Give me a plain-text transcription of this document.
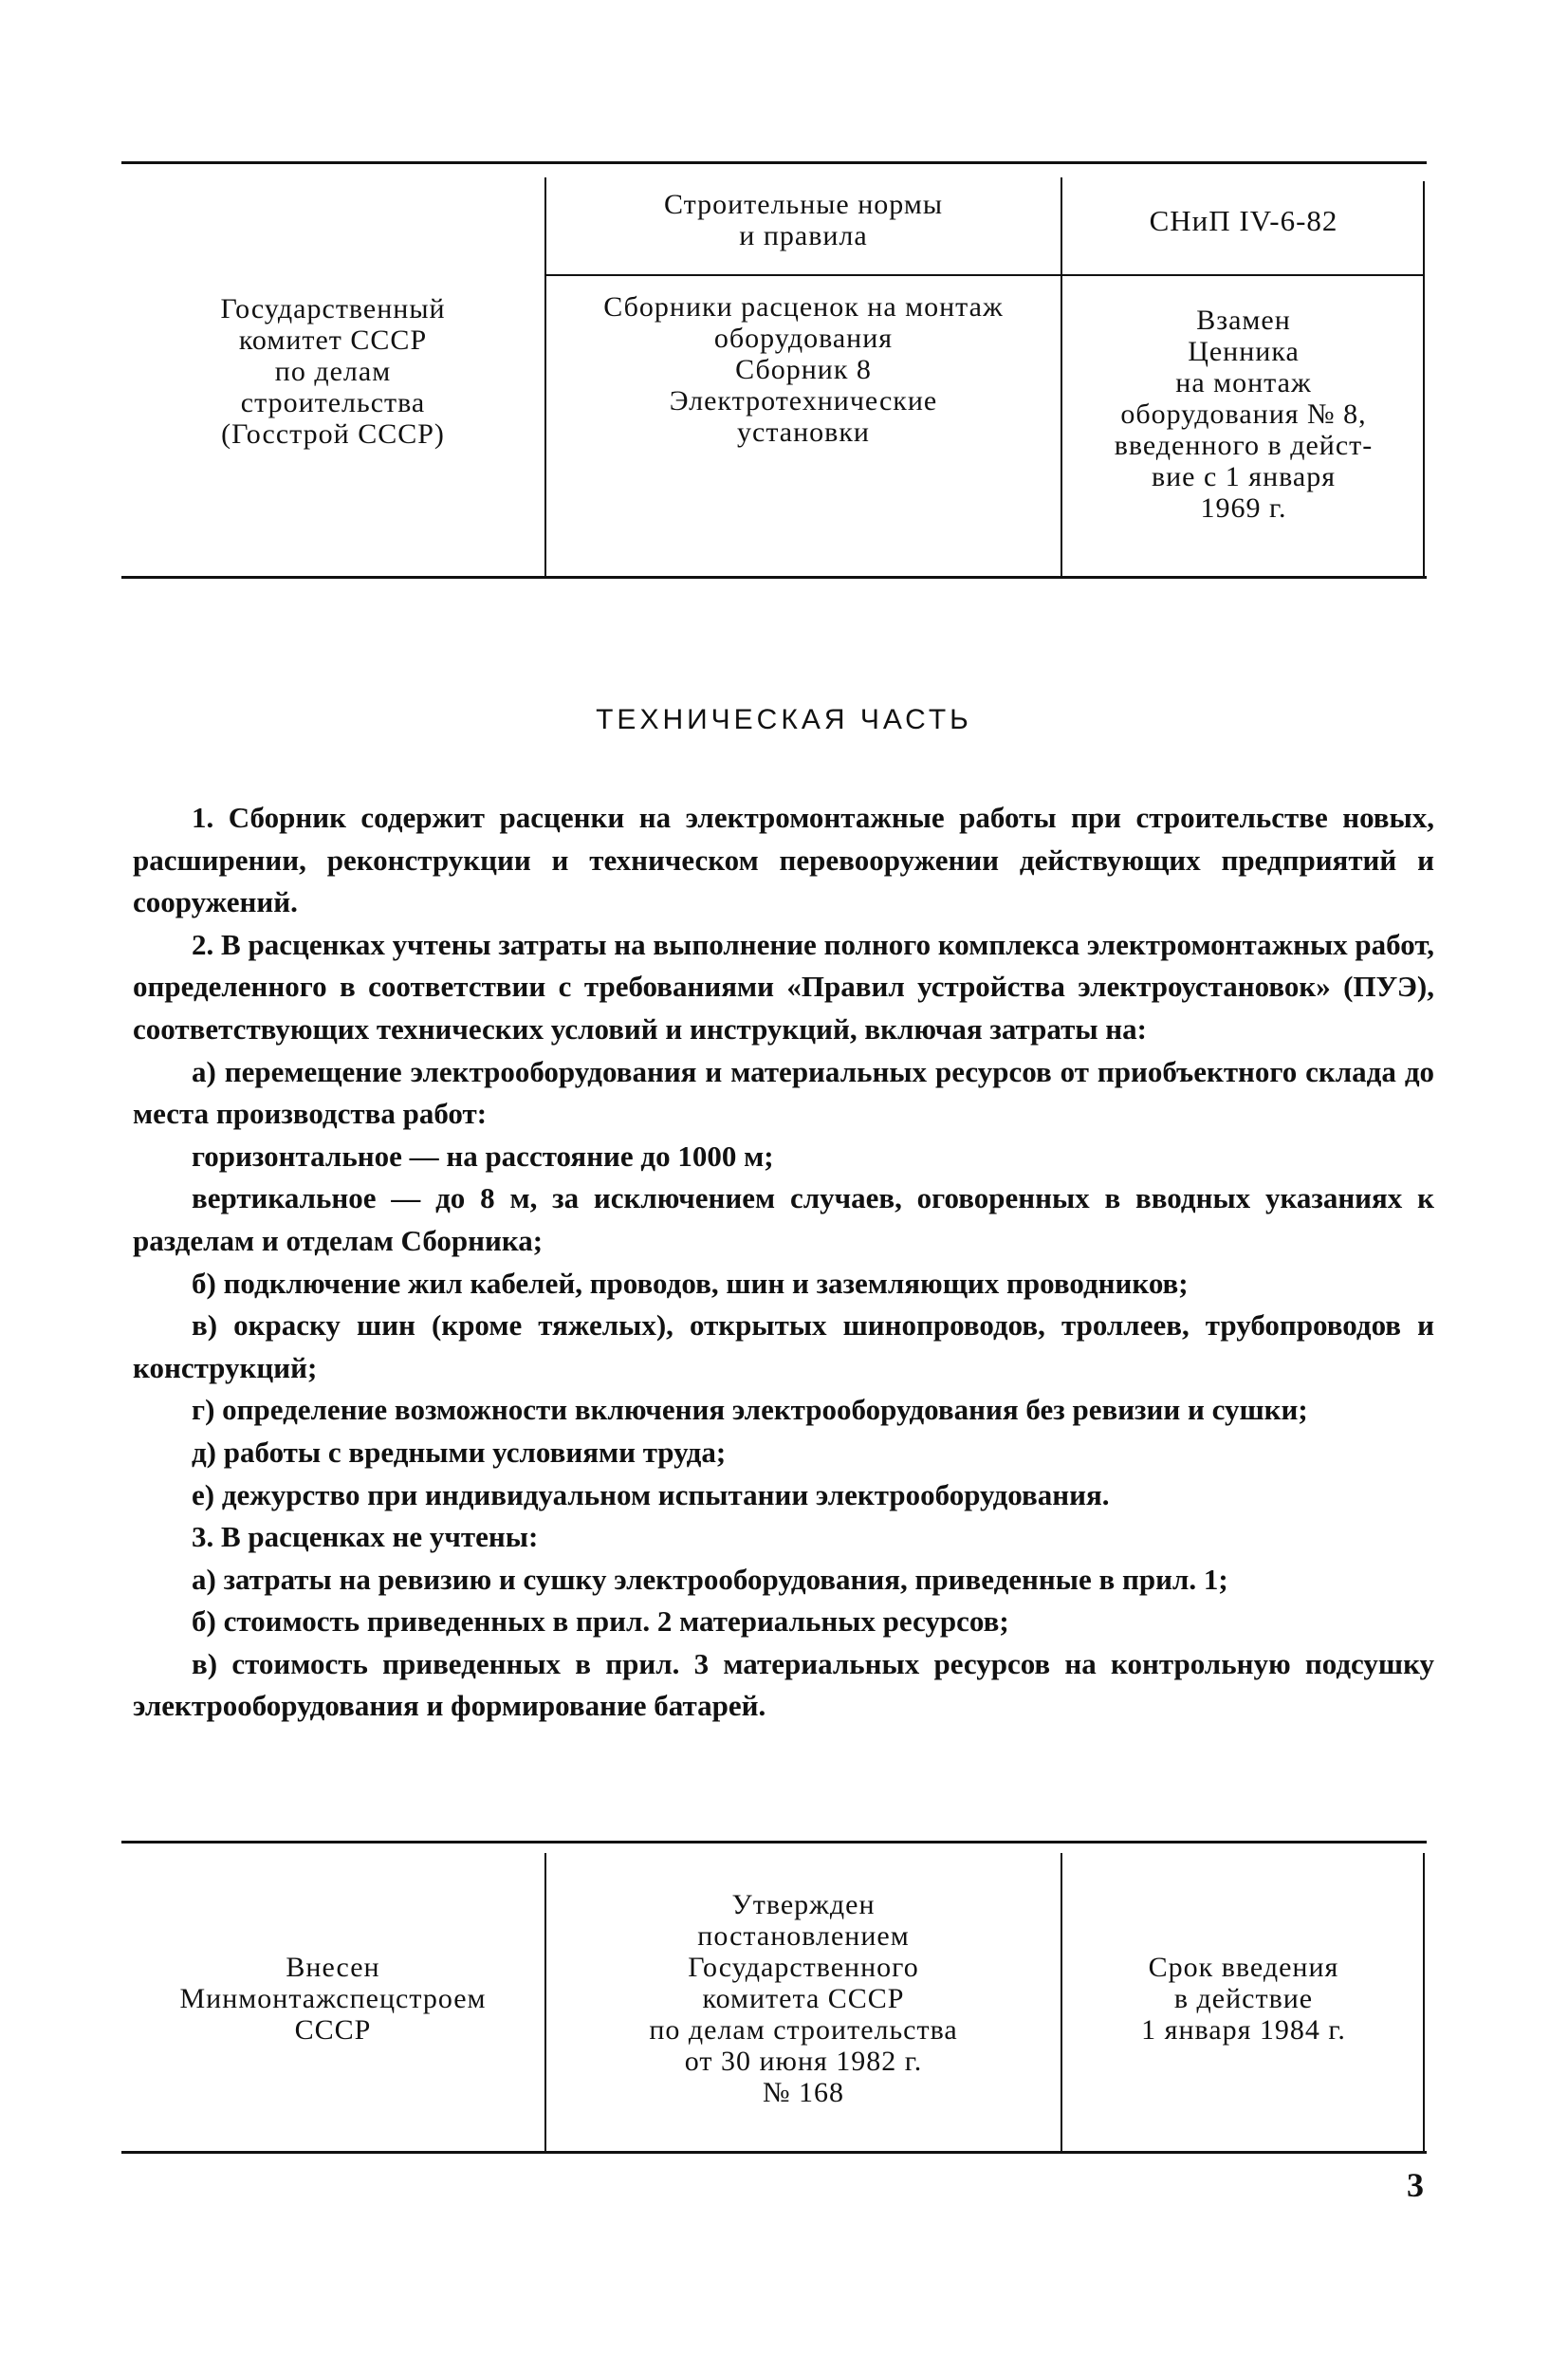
Государственный
комитет СССР
по делам
строительства
(Госстрой СССР)
Строительные нормы
и правила	СНиП IV-6-82
Сборники расценок на монтаж
оборудования
Сборник 8
Электротехнические
установки
Взамен
Ценника
на монтаж
оборудования № 8,
введенного в дейст-
вие с 1 января
1969 г.
ТЕХНИЧЕСКАЯ ЧАСТЬ

1. Сборник содержит расценки на электромонтажные работы при строительстве новых, расширении, реконструкции и техническом перевооружении действующих предприятий и сооружений.

2. В расценках учтены затраты на выполнение полного комплекса электромонтажных работ, определенного в соответствии с требованиями «Правил устройства электроустановок» (ПУЭ), соответствующих технических условий и инструкций, включая затраты на:

а) перемещение электрооборудования и материальных ресурсов от приобъектного склада до места производства работ:

горизонтальное — на расстояние до 1000 м;

вертикальное — до 8 м, за исключением случаев, оговоренных в вводных указаниях к разделам и отделам Сборника;

б) подключение жил кабелей, проводов, шин и заземляющих проводников;

в) окраску шин (кроме тяжелых), открытых шинопроводов, троллеев, трубопроводов и конструкций;

г) определение возможности включения электрооборудования без ревизии и сушки;

д) работы с вредными условиями труда;

е) дежурство при индивидуальном испытании электрооборудования.

3. В расценках не учтены:

а) затраты на ревизию и сушку электрооборудования, приведенные в прил. 1;

б) стоимость приведенных в прил. 2 материальных ресурсов;

в) стоимость приведенных в прил. 3 материальных ресурсов на контрольную подсушку электрооборудования и формирование батарей.

Внесен
Минмонтажспецстроем
СССР
Утвержден
постановлением
Государственного
комитета СССР
по делам строительства
от 30 июня 1982 г.
№ 168
Срок введения
в действие
1 января 1984 г.
3
